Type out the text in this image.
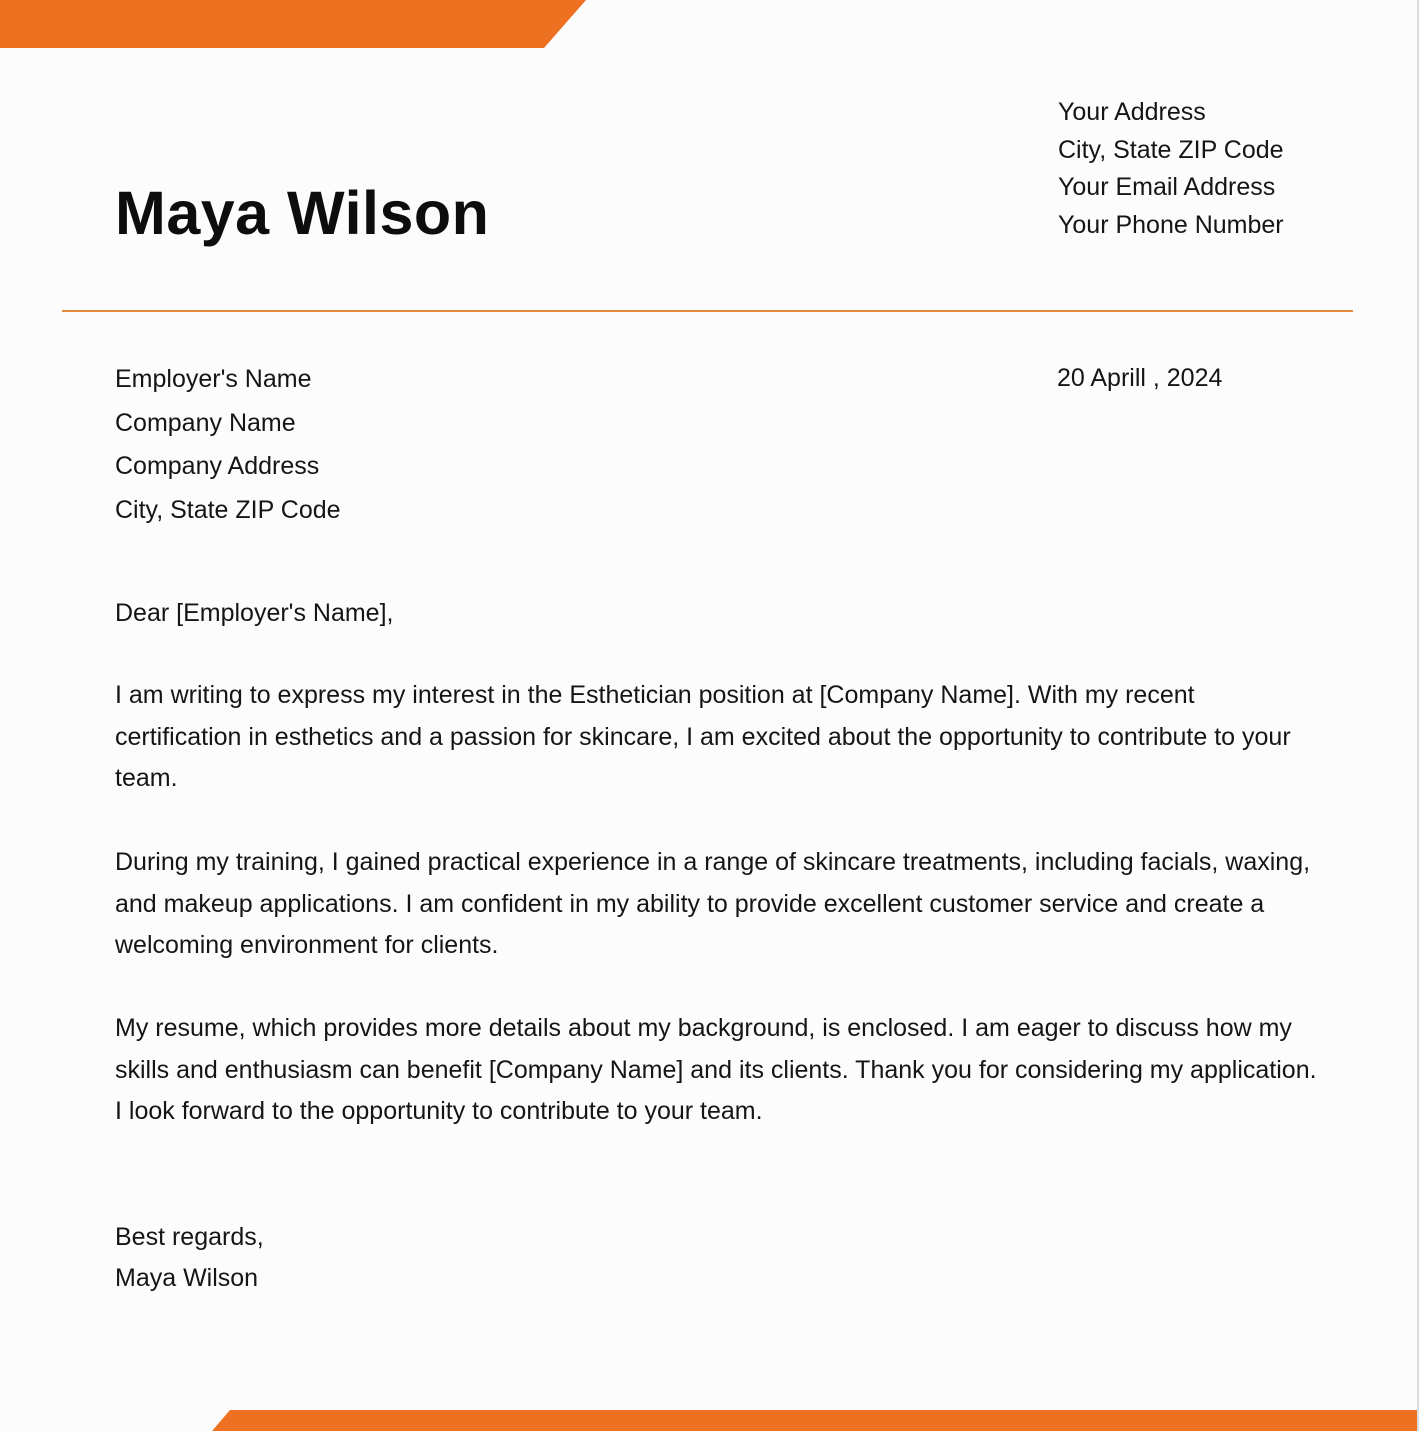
Maya Wilson
Your Address
City, State ZIP Code
Your Email Address
Your Phone Number
Employer's Name
Company Name
Company Address
City, State ZIP Code
20 Aprill , 2024
Dear [Employer's Name],

I am writing to express my interest in the Esthetician position at [Company Name]. With my recent certification in esthetics and a passion for skincare, I am excited about the opportunity to contribute to your team.

During my training, I gained practical experience in a range of skincare treatments, including facials, waxing, and makeup applications. I am confident in my ability to provide excellent customer service and create a welcoming environment for clients.

My resume, which provides more details about my background, is enclosed. I am eager to discuss how my skills and enthusiasm can benefit [Company Name] and its clients. Thank you for considering my application. I look forward to the opportunity to contribute to your team.

Best regards,
Maya Wilson
